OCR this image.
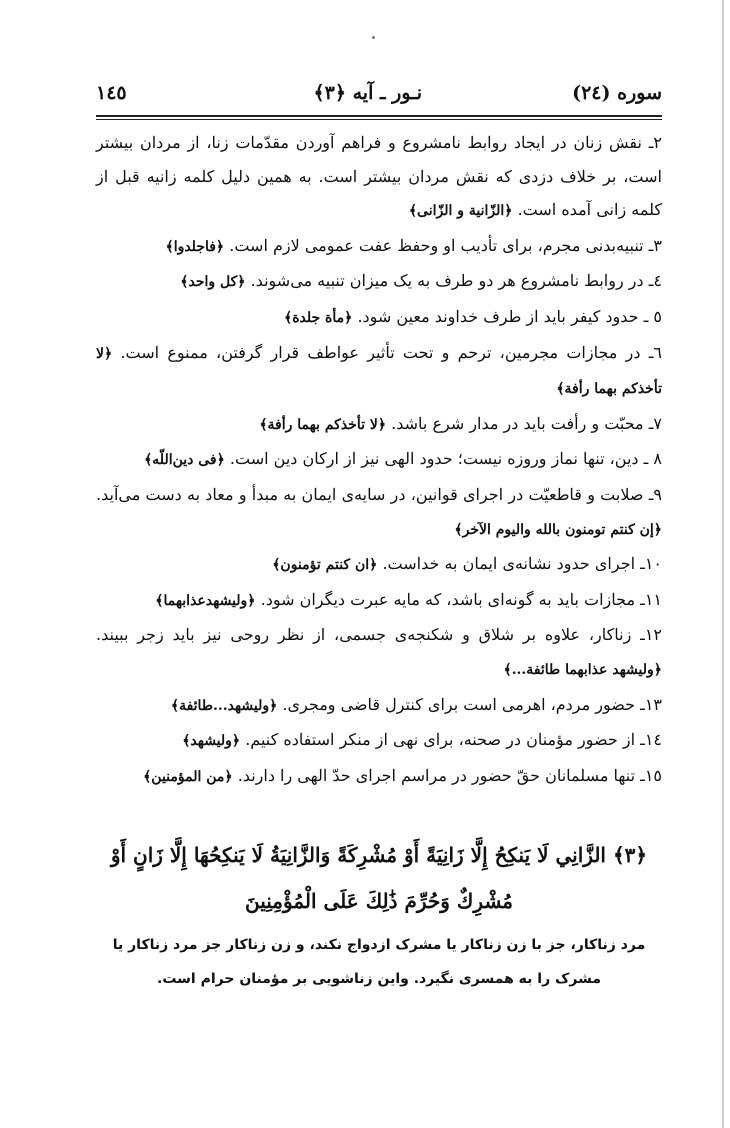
سوره (٢٤)
نـور ـ آیه ﴿٣﴾
١٤٥

٢ـ نقش زنان در ایجاد روابط نامشروع و فراهم آوردن مقدّمات زنا، از مردان بیشتر است، بر خلاف دزدی که نقش مردان بیشتر است. به همین دلیل کلمه زانیه قبل از کلمه زانی آمده است. ﴿الزّانیة و الزّانی﴾

٣ـ تنبیه‌بدنی مجرم، برای تأدیب او وحفظ عفت عمومی لازم است. ﴿فاجلدوا﴾

٤ـ در روابط نامشروع هر دو طرف به یک میزان تنبیه می‌شوند. ﴿کل واحد﴾

٥ ـ حدود کیفر باید از طرف خداوند معین شود. ﴿مأة جلدة﴾

٦ـ در مجازات مجرمین، ترحم و تحت تأثیر عواطف قرار گرفتن، ممنوع است. ﴿لا تأخذکم بهما رأفة﴾

٧ـ محبّت و رأفت باید در مدار شرع باشد. ﴿لا تأخذکم بهما رأفة﴾

٨ ـ دین، تنها نماز وروزه نیست؛ حدود الهی نیز از ارکان دین است. ﴿فی دین‌اللّه﴾

٩ـ صلابت و قاطعیّت در اجرای قوانین، در سایه‌ی ایمان به مبدأ و معاد به دست می‌آید. ﴿إن کنتم تومنون بالله والیوم الآخر﴾

١٠ـ اجرای حدود نشانه‌ی ایمان به خداست. ﴿ان کنتم تؤمنون﴾

١١ـ مجازات باید به گونه‌ای باشد، که مایه عبرت دیگران شود. ﴿ولیشهدعذابهما﴾

١٢ـ زناکار، علاوه بر شلاق و شکنجه‌ی جسمی، از نظر روحی نیز باید زجر ببیند. ﴿ولیشهد عذابهما طائفة...﴾

١٣ـ حضور مردم، اهرمی است برای کنترل قاضی ومجری. ﴿ولیشهد...طائفة﴾

١٤ـ از حضور مؤمنان در صحنه، برای نهی از منکر استفاده کنیم. ﴿ولیشهد﴾

١٥ـ تنها مسلمانان حقّ حضور در مراسم اجرای حدّ الهی را دارند. ﴿من المؤمنین﴾

﴿٣﴾ الزَّانِي لَا يَنكِحُ إِلَّا زَانِيَةً أَوْ مُشْرِكَةً وَالزَّانِيَةُ لَا يَنكِحُهَا إِلَّا زَانٍ أَوْ مُشْرِكٌ وَحُرِّمَ ذَٰلِكَ عَلَى الْمُؤْمِنِينَ
مرد زناکار، جز با زن زناکار یا مشرک ازدواج نکند، و زن زناکار جز مرد زناکار یا مشرک را به همسری نگیرد. واین زناشویی بر مؤمنان حرام است.
